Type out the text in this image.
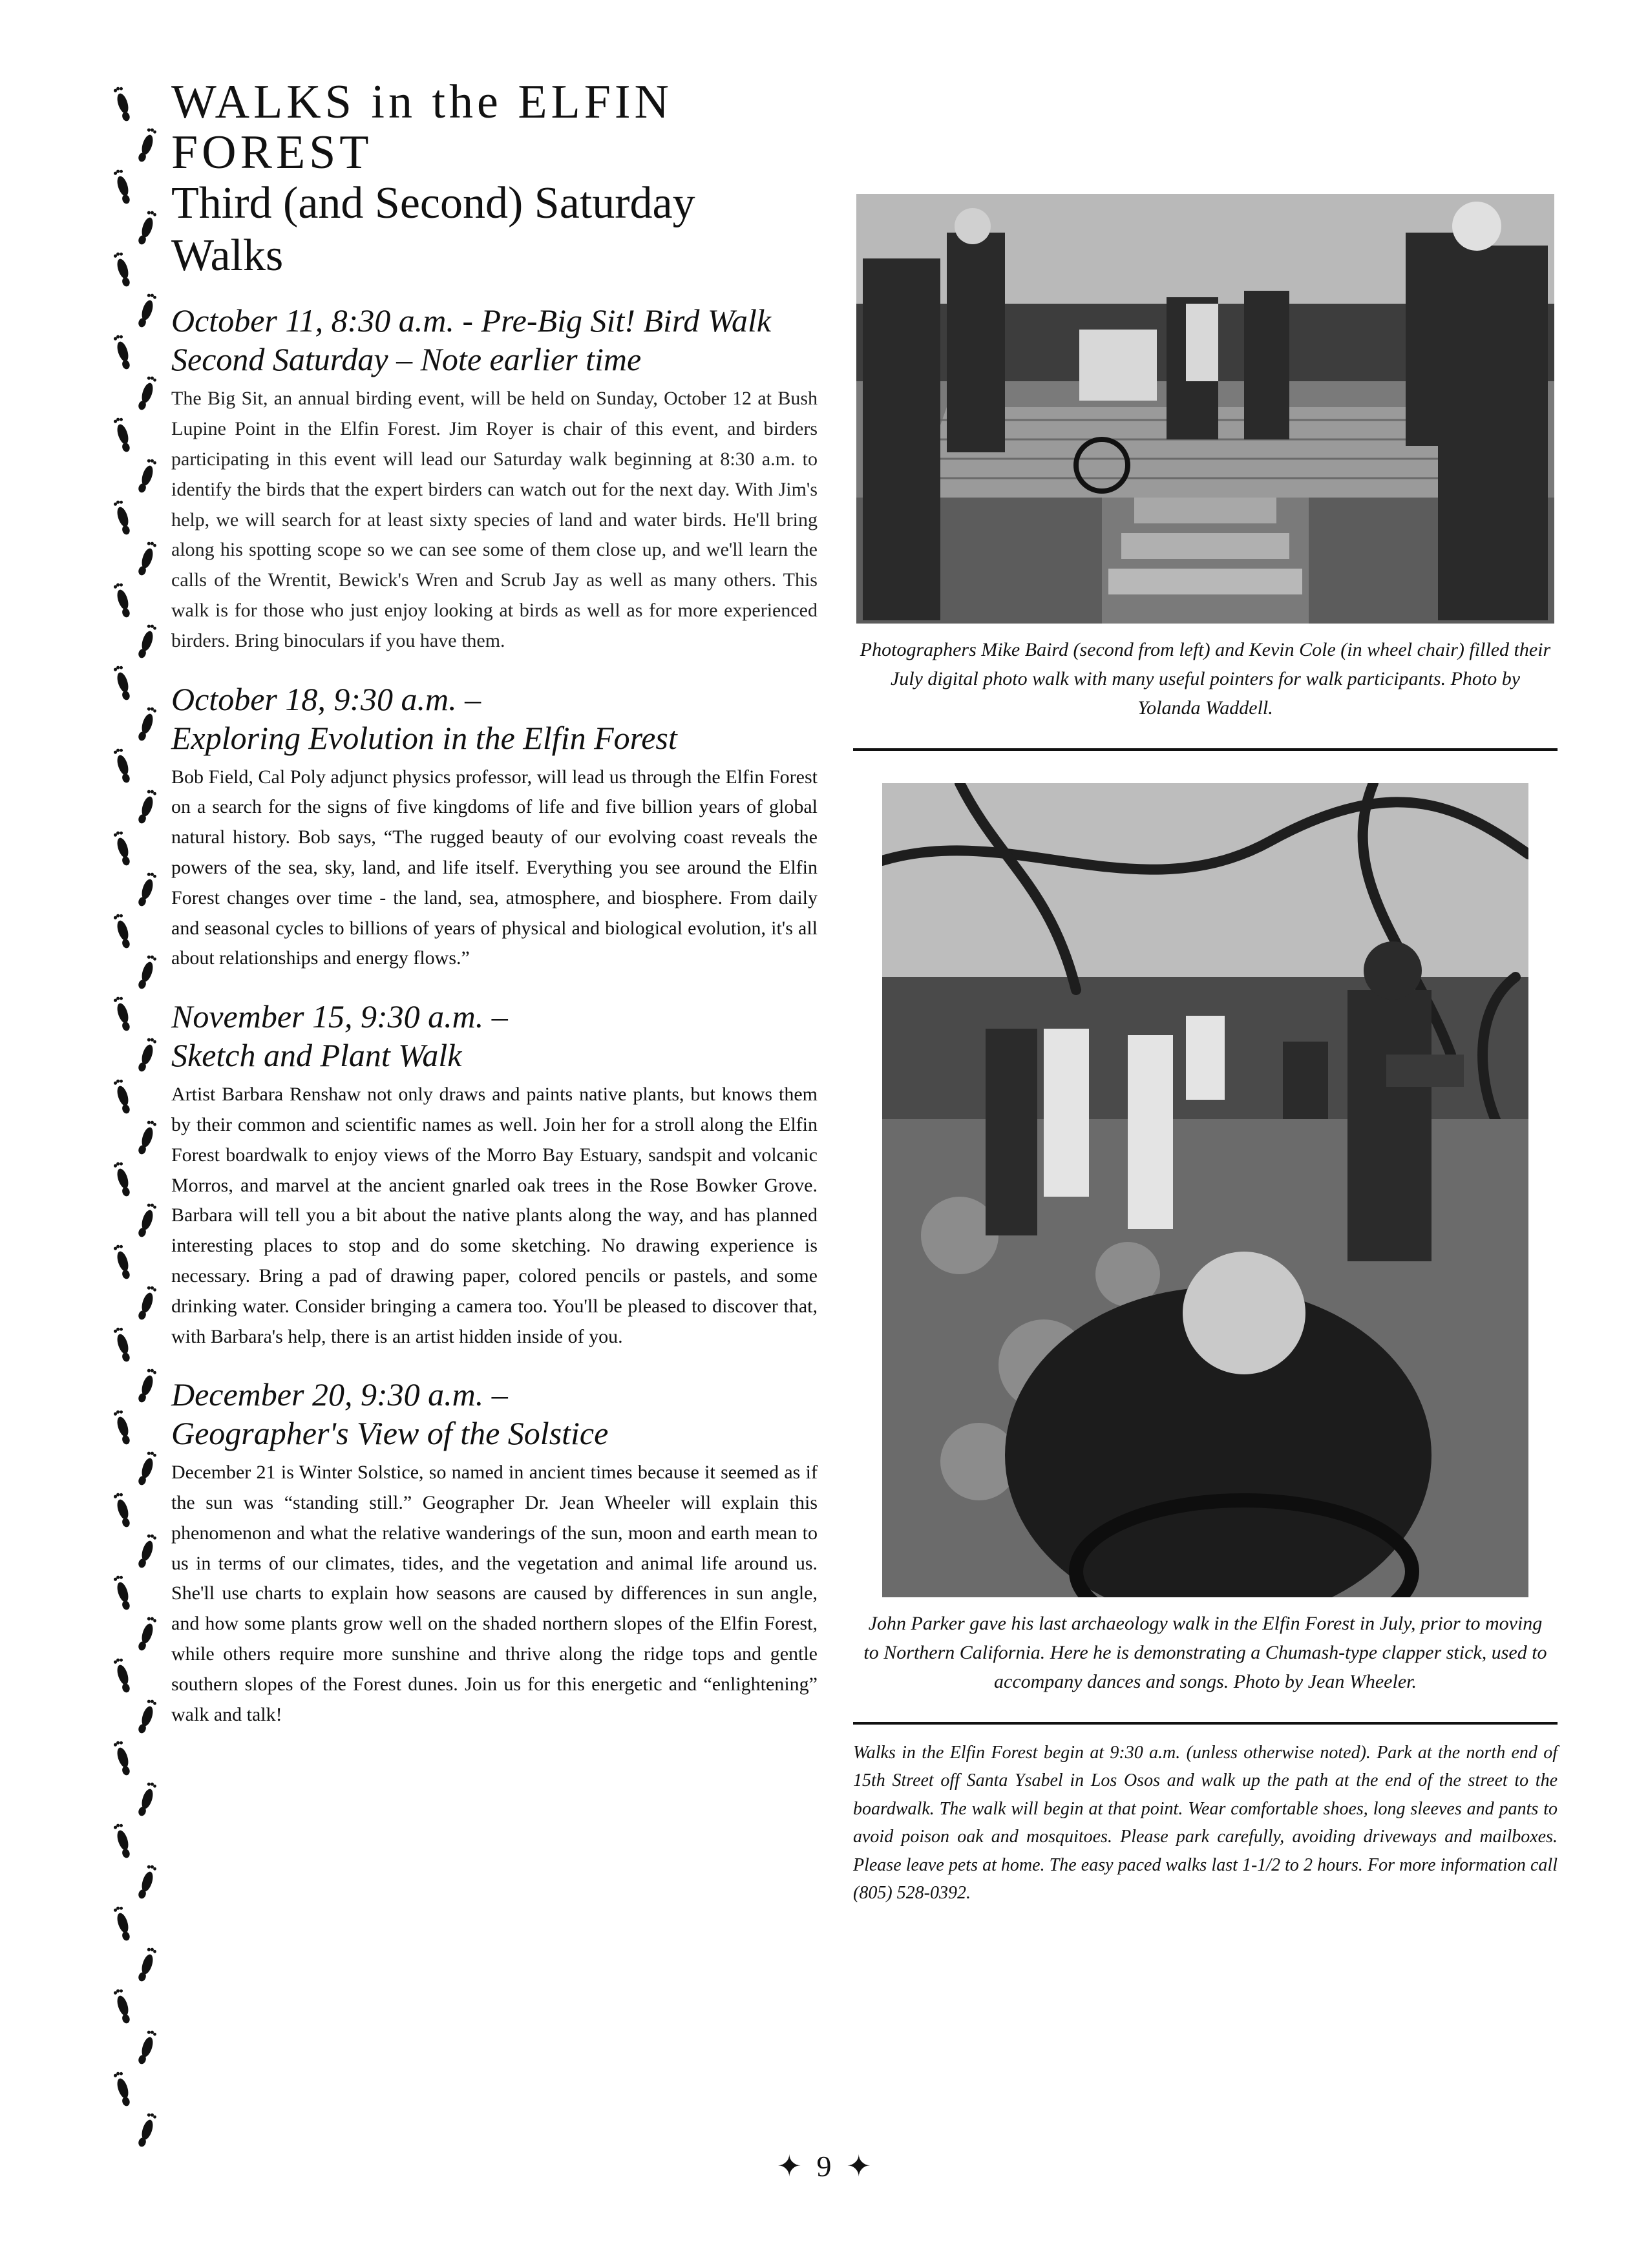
WALKS in the ELFIN FOREST
Third (and Second) Saturday Walks
October 11, 8:30 a.m. - Pre-Big Sit! Bird Walk
Second Saturday – Note earlier time

The Big Sit, an annual birding event, will be held on Sunday, October 12 at Bush Lupine Point in the Elfin Forest. Jim Royer is chair of this event, and birders participating in this event will lead our Saturday walk beginning at 8:30 a.m. to identify the birds that the expert birders can watch out for the next day. With Jim's help, we will search for at least sixty species of land and water birds. He'll bring along his spotting scope so we can see some of them close up, and we'll learn the calls of the Wrentit, Bewick's Wren and Scrub Jay as well as many others. This walk is for those who just enjoy looking at birds as well as for more experienced birders. Bring binoculars if you have them.

October 18, 9:30 a.m. –
Exploring Evolution in the Elfin Forest

Bob Field, Cal Poly adjunct physics professor, will lead us through the Elfin Forest on a search for the signs of five kingdoms of life and five billion years of global natural history. Bob says, “The rugged beauty of our evolving coast reveals the powers of the sea, sky, land, and life itself. Everything you see around the Elfin Forest changes over time - the land, sea, atmosphere, and biosphere. From daily and seasonal cycles to billions of years of physical and biological evolution, it's all about relationships and energy flows.”

November 15, 9:30 a.m. –
Sketch and Plant Walk

Artist Barbara Renshaw not only draws and paints native plants, but knows them by their common and scientific names as well. Join her for a stroll along the Elfin Forest boardwalk to enjoy views of the Morro Bay Estuary, sandspit and volcanic Morros, and marvel at the ancient gnarled oak trees in the Rose Bowker Grove. Barbara will tell you a bit about the native plants along the way, and has planned interesting places to stop and do some sketching. No drawing experience is necessary. Bring a pad of drawing paper, colored pencils or pastels, and some drinking water. Consider bringing a camera too. You'll be pleased to discover that, with Barbara's help, there is an artist hidden inside of you.

December 20, 9:30 a.m. –
Geographer's View of the Solstice

December 21 is Winter Solstice, so named in ancient times because it seemed as if the sun was “standing still.” Geographer Dr. Jean Wheeler will explain this phenomenon and what the relative wanderings of the sun, moon and earth mean to us in terms of our climates, tides, and the vegetation and animal life around us. She'll use charts to explain how seasons are caused by differences in sun angle, and how some plants grow well on the shaded northern slopes of the Elfin Forest, while others require more sunshine and thrive along the ridge tops and gentle southern slopes of the Forest dunes. Join us for this energetic and “enlightening” walk and talk!

Photographers Mike Baird (second from left) and Kevin Cole (in wheel chair) filled their July digital photo walk with many useful pointers for walk participants. Photo by Yolanda Waddell.

John Parker gave his last archaeology walk in the Elfin Forest in July, prior to moving to Northern California. Here he is demonstrating a Chumash-type clapper stick, used to accompany dances and songs. Photo by Jean Wheeler.

Walks in the Elfin Forest begin at 9:30 a.m. (unless otherwise noted). Park at the north end of 15th Street off Santa Ysabel in Los Osos and walk up the path at the end of the street to the boardwalk. The walk will begin at that point. Wear comfortable shoes, long sleeves and pants to avoid poison oak and mosquitoes. Please park carefully, avoiding driveways and mailboxes. Please leave pets at home. The easy paced walks last 1-1/2 to 2 hours. For more information call (805) 528-0392.

✦ 9 ✦
